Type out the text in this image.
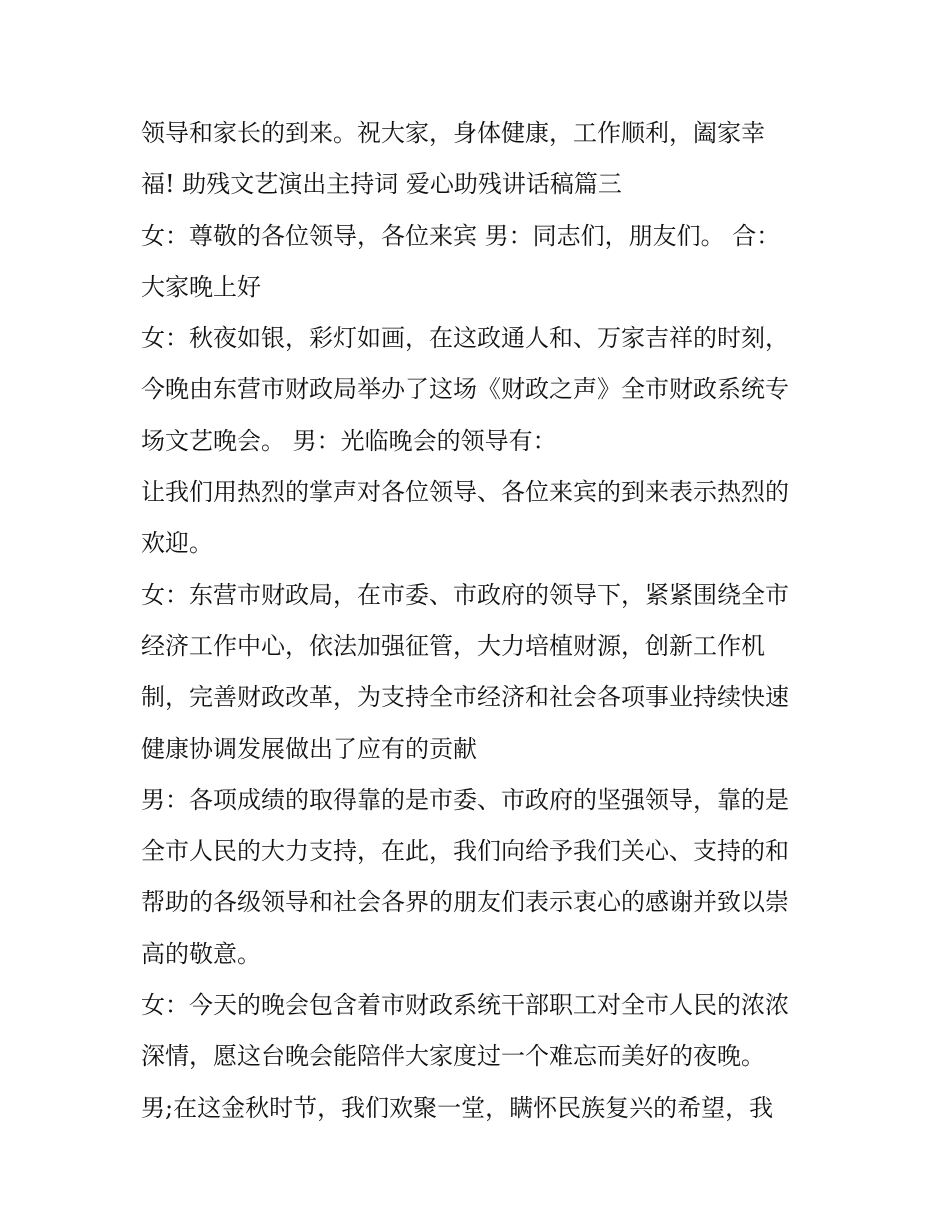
领导和家长的到来。祝大家，身体健康，工作顺利，阖家幸
福! 助残文艺演出主持词 爱心助残讲话稿篇三
女：尊敬的各位领导，各位来宾 男：同志们，朋友们。 合：
大家晚上好
女：秋夜如银，彩灯如画，在这政通人和、万家吉祥的时刻，
今晚由东营市财政局举办了这场《财政之声》全市财政系统专
场文艺晚会。 男：光临晚会的领导有：
让我们用热烈的掌声对各位领导、各位来宾的到来表示热烈的
欢迎。
女：东营市财政局，在市委、市政府的领导下，紧紧围绕全市
经济工作中心，依法加强征管，大力培植财源，创新工作机
制，完善财政改革，为支持全市经济和社会各项事业持续快速
健康协调发展做出了应有的贡献
男：各项成绩的取得靠的是市委、市政府的坚强领导，靠的是
全市人民的大力支持，在此，我们向给予我们关心、支持的和
帮助的各级领导和社会各界的朋友们表示衷心的感谢并致以崇
高的敬意。
女：今天的晚会包含着市财政系统干部职工对全市人民的浓浓
深情，愿这台晚会能陪伴大家度过一个难忘而美好的夜晚。
男;在这金秋时节，我们欢聚一堂，瞒怀民族复兴的希望，我
